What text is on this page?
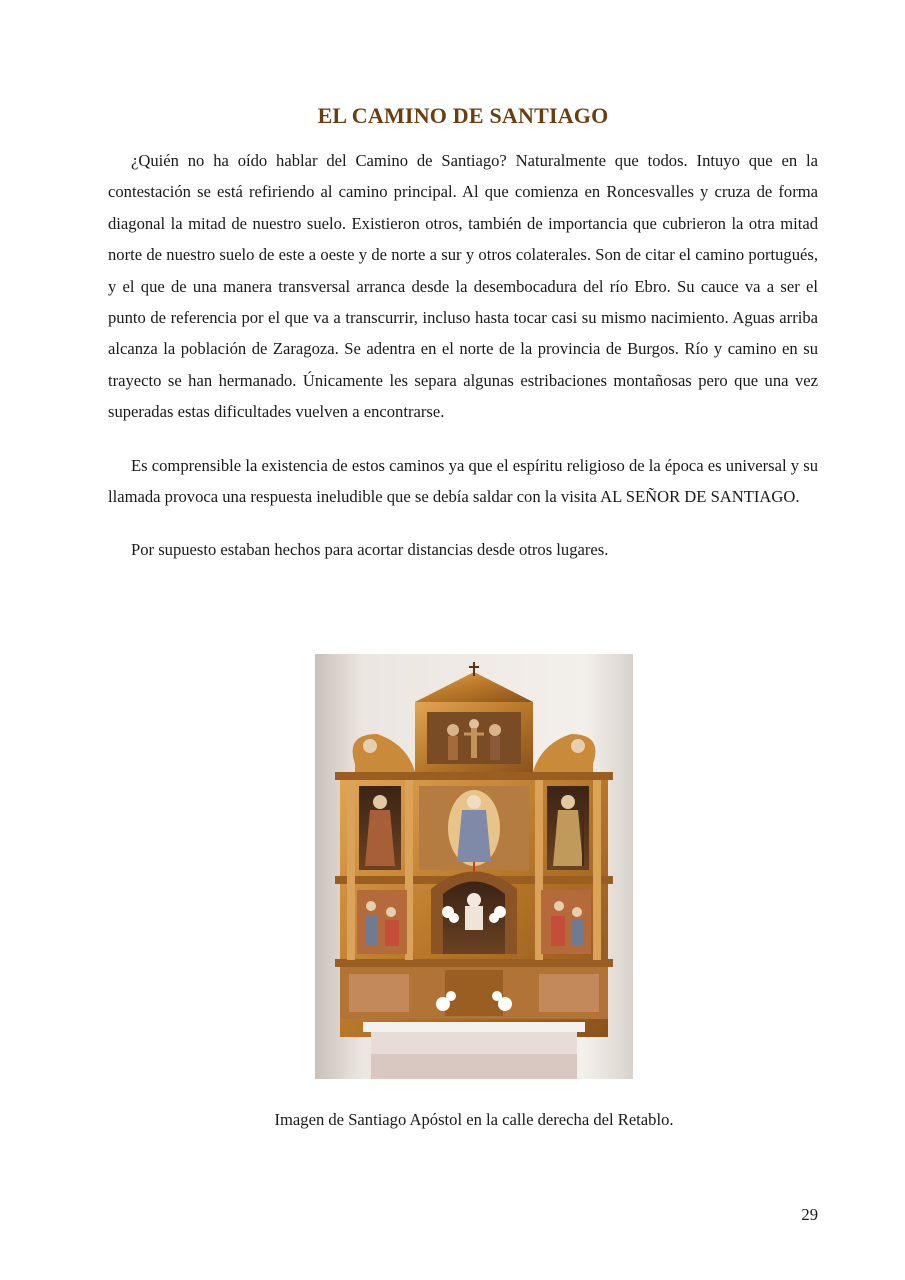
EL CAMINO DE SANTIAGO

¿Quién no ha oído hablar del Camino de Santiago? Naturalmente que todos. Intuyo que en la contestación se está refiriendo al camino principal. Al que comienza en Roncesvalles y cruza de forma diagonal la mitad de nuestro suelo. Existieron otros, también de importancia que cubrieron la otra mitad norte de nuestro suelo de este a oeste y de norte a sur y otros colaterales. Son de citar el camino portugués, y el que de una manera transversal arranca desde la desembocadura del río Ebro. Su cauce va a ser el punto de referencia por el que va a transcurrir, incluso hasta tocar casi su mismo nacimiento. Aguas arriba alcanza la población de Zaragoza. Se adentra en el norte de la provincia de Burgos. Río y camino en su trayecto se han hermanado. Únicamente les separa algunas estribaciones montañosas pero que una vez superadas estas dificultades vuelven a encontrarse.

Es comprensible la existencia de estos caminos ya que el espíritu religioso de la época es universal y su llamada provoca una respuesta ineludible que se debía saldar con la visita AL SEÑOR DE SANTIAGO.

Por supuesto estaban hechos para acortar distancias desde otros lugares.

Imagen de Santiago Apóstol en la calle derecha del Retablo.
29
